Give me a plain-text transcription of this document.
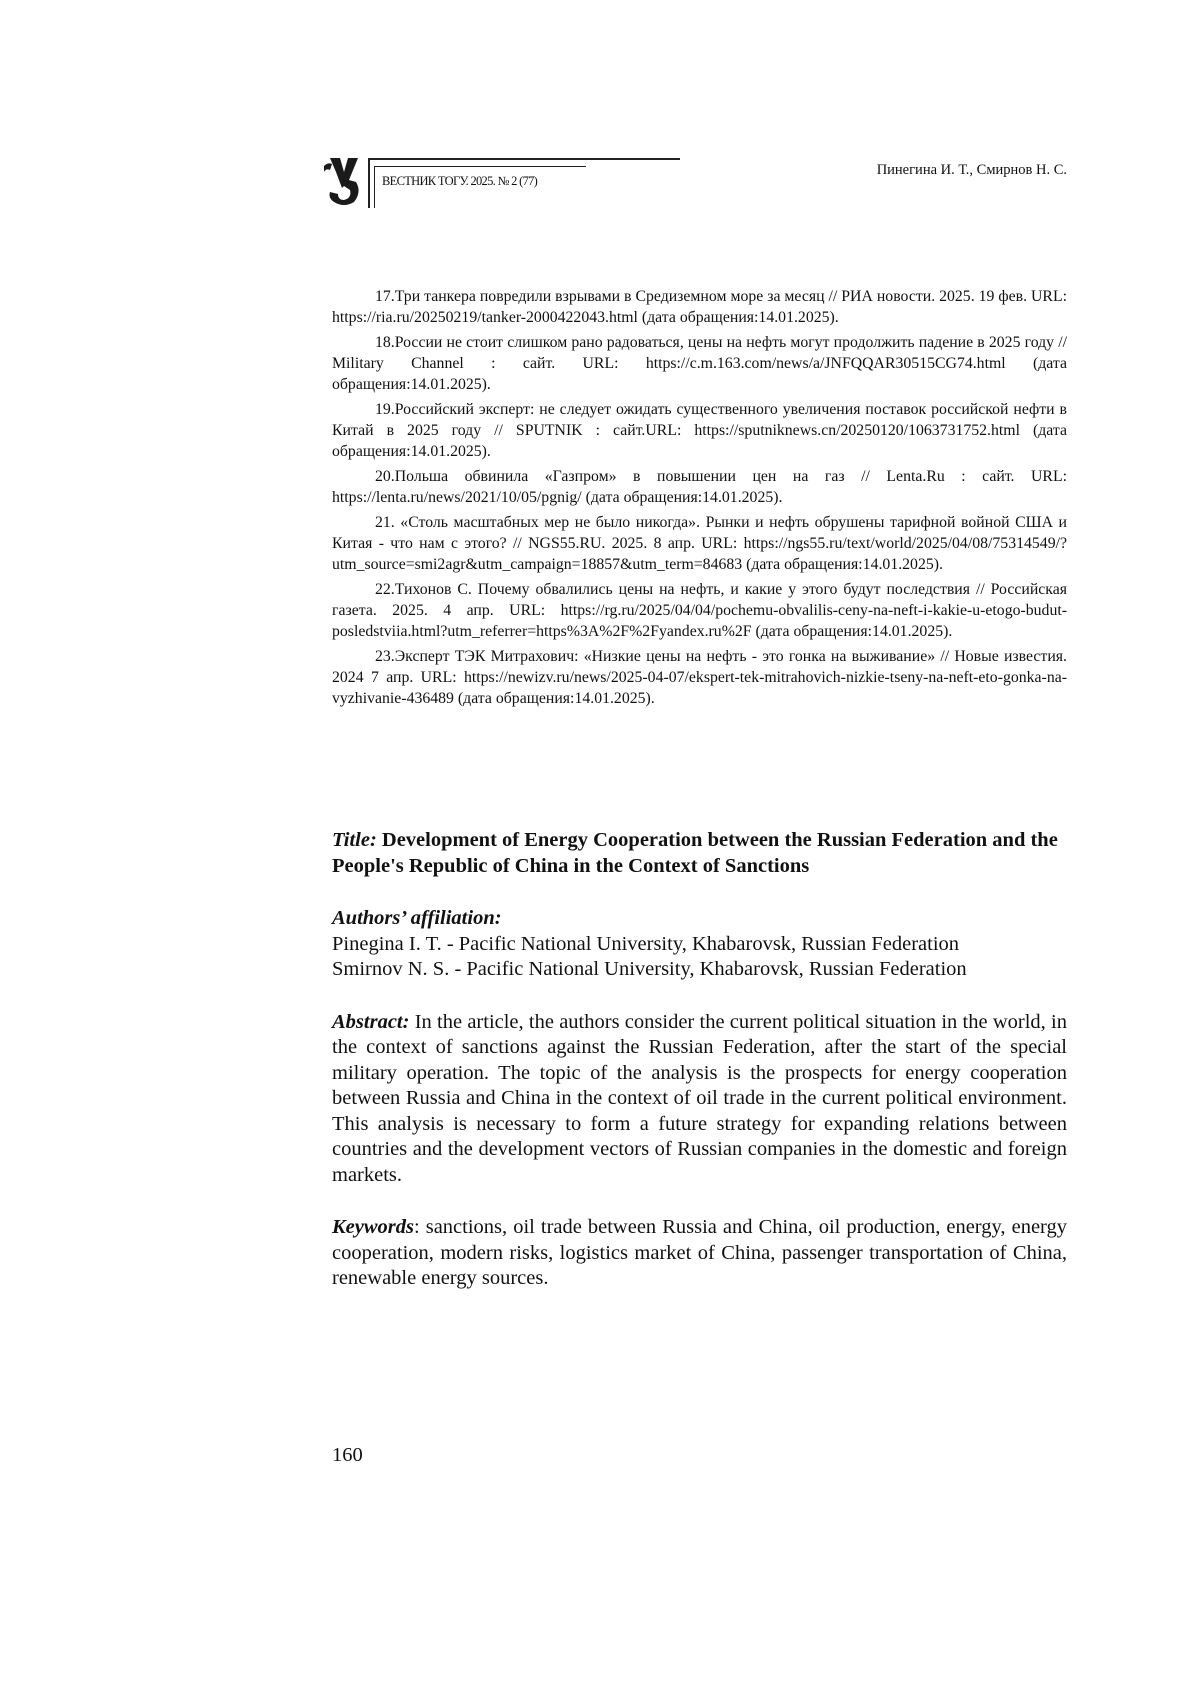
ВЕСТНИК ТОГУ. 2025. № 2 (77)
Пинегина И. Т., Смирнов Н. С.

17.Три танкера повредили взрывами в Средиземном море за месяц // РИА новости. 2025. 19 фев. URL: https://ria.ru/20250219/tanker-2000422043.html (дата обращения:14.01.2025).

18.России не стоит слишком рано радоваться, цены на нефть могут продолжить падение в 2025 году // Military Channel : сайт. URL: https://c.m.163.com/news/a/JNFQQAR30515CG74.html (дата обращения:14.01.2025).

19.Российский эксперт: не следует ожидать существенного увеличения поставок российской нефти в Китай в 2025 году // SPUTNIK : сайт.URL: https://sputniknews.cn/20250120/1063731752.html (дата обращения:14.01.2025).

20.Польша обвинила «Газпром» в повышении цен на газ // Lenta.Ru : сайт. URL: https://lenta.ru/news/2021/10/05/pgnig/ (дата обращения:14.01.2025).

21. «Столь масштабных мер не было никогда». Рынки и нефть обрушены тарифной войной США и Китая - что нам с этого? // NGS55.RU. 2025. 8 апр. URL: https://ngs55.ru/text/world/2025/04/08/75314549/?utm_source=smi2agr&utm_campaign=18857&utm_term=84683 (дата обращения:14.01.2025).

22.Тихонов С. Почему обвалились цены на нефть, и какие у этого будут последствия // Российская газета. 2025. 4 апр. URL: https://rg.ru/2025/04/04/pochemu-obvalilis-ceny-na-neft-i-kakie-u-etogo-budut-posledstviia.html?utm_referrer=https%3A%2F%2Fyandex.ru%2F (дата обращения:14.01.2025).

23.Эксперт ТЭК Митрахович: «Низкие цены на нефть - это гонка на выживание» // Новые известия. 2024 7 апр. URL: https://newizv.ru/news/2025-04-07/ekspert-tek-mitrahovich-nizkie-tseny-na-neft-eto-gonka-na-vyzhivanie-436489 (дата обращения:14.01.2025).

Title: Development of Energy Cooperation between the Russian Federation and the People's Republic of China in the Context of Sanctions

Authors’ affiliation:

Pinegina I. T. - Pacific National University, Khabarovsk, Russian Federation

Smirnov N. S. - Pacific National University, Khabarovsk, Russian Federation

Abstract: In the article, the authors consider the current political situation in the world, in the context of sanctions against the Russian Federation, after the start of the special military operation. The topic of the analysis is the prospects for energy cooperation between Russia and China in the context of oil trade in the current political environment. This analysis is necessary to form a future strategy for expanding relations between countries and the development vectors of Russian companies in the domestic and foreign markets.

Keywords: sanctions, oil trade between Russia and China, oil production, energy, energy cooperation, modern risks, logistics market of China, passenger transportation of China, renewable energy sources.

160
